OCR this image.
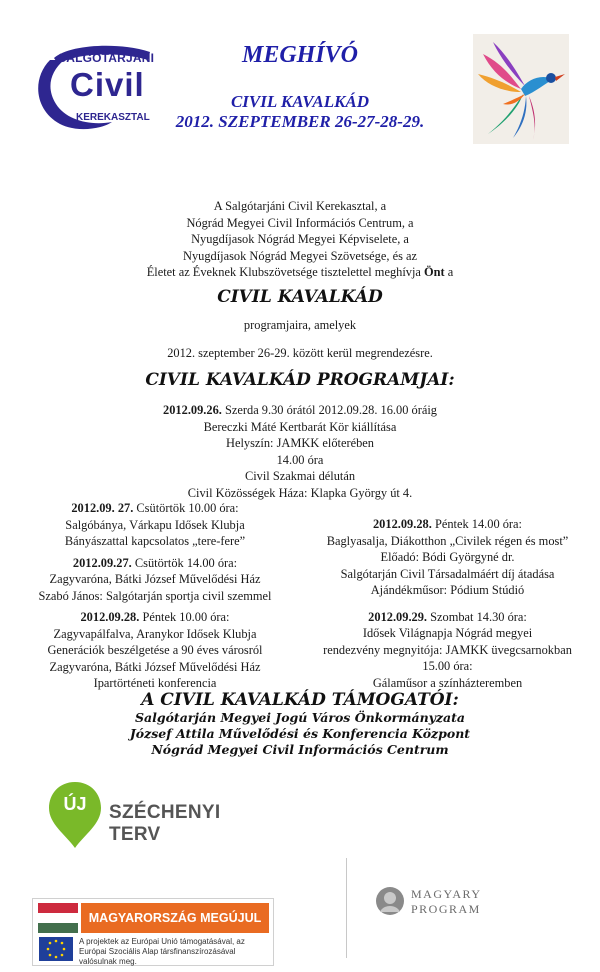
SALGÓTARJÁNI
Civil
KEREKASZTAL
MEGHÍVÓ
CIVIL KAVALKÁD
2012. SZEPTEMBER 26-27-28-29.
A Salgótarjáni Civil Kerekasztal, a
Nógrád Megyei Civil Információs Centrum, a
Nyugdíjasok Nógrád Megyei Képviselete, a
Nyugdíjasok Nógrád Megyei Szövetsége, és az
Életet az Éveknek Klubszövetsége tisztelettel meghívja Önt a
CIVIL KAVALKÁD
programjaira, amelyek
2012. szeptember 26-29. között kerül megrendezésre.
CIVIL KAVALKÁD PROGRAMJAI:
2012.09.26. Szerda 9.30 órától 2012.09.28. 16.00 óráig
Bereczki Máté Kertbarát Kör kiállítása
Helyszín: JAMKK előterében
14.00 óra
Civil Szakmai délután
Civil Közösségek Háza: Klapka György út 4.
2012.09. 27. Csütörtök 10.00 óra:
Salgóbánya, Várkapu Idősek Klubja
Bányászattal kapcsolatos „tere-fere”
2012.09.27. Csütörtök 14.00 óra:
Zagyvaróna, Bátki József Művelődési Ház
Szabó János: Salgótarján sportja civil szemmel
2012.09.28. Péntek 10.00 óra:
Zagyvapálfalva, Aranykor Idősek Klubja
Generációk beszélgetése a 90 éves városról
Zagyvaróna, Bátki József Művelődési Ház
Ipartörténeti konferencia
2012.09.28. Péntek 14.00 óra:
Baglyasalja, Diákotthon „Civilek régen és most”
Előadó: Bódi Györgyné dr.
Salgótarján Civil Társadalmáért díj átadása
Ajándékműsor: Pódium Stúdió
2012.09.29. Szombat 14.30 óra:
Idősek Világnapja Nógrád megyei
rendezvény megnyitója: JAMKK üvegcsarnokban
15.00 óra:
Gálaműsor a színházteremben
A CIVIL KAVALKÁD TÁMOGATÓI:
Salgótarján Megyei Jogú Város Önkormányzata
József Attila Művelődési és Konferencia Központ
Nógrád Megyei Civil Információs Centrum
ÚJ SZÉCHENYI TERV
MAGYARY
PROGRAM
MAGYARORSZÁG MEGÚJUL
A projektek az Európai Unió támogatásával, az Európai Szociális Alap társfinanszírozásával valósulnak meg.
